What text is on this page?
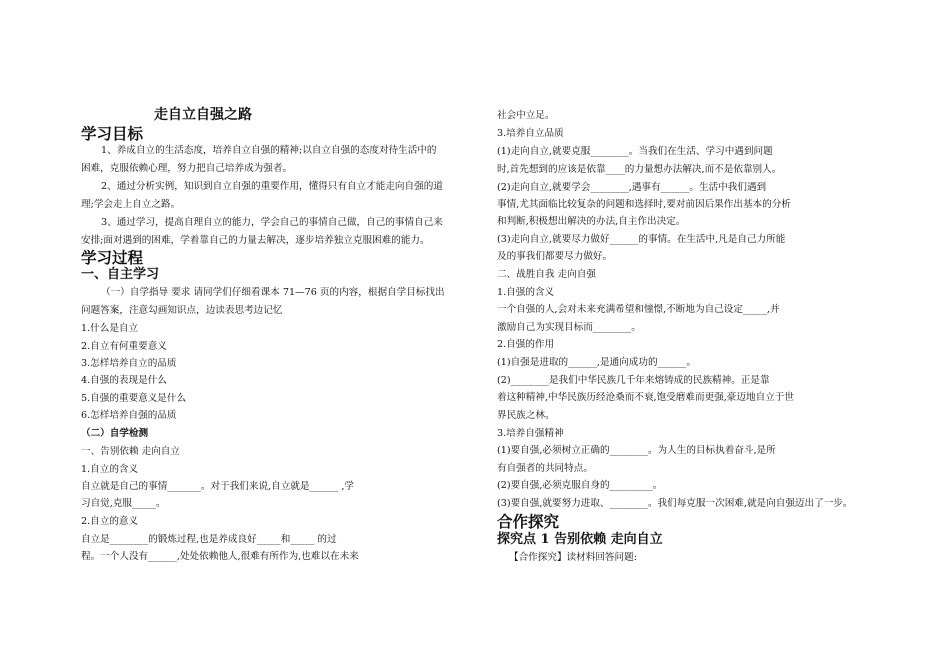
走自立自强之路
学习目标
1、养成自立的生活态度，培养自立自强的精神;以自立自强的态度对待生活中的
困难，克服依赖心理，努力把自己培养成为强者。
2、通过分析实例，知识到自立自强的重要作用，懂得只有自立才能走向自强的道
理;学会走上自立之路。
3、通过学习，提高自理自立的能力，学会自己的事情自己做，自己的事情自己来
安排;面对遇到的困难，学着靠自己的力量去解决，逐步培养独立克服困难的能力。
学习过程
一、自主学习
（一）自学指导 要求 请同学们仔细看课本 71—76 页的内容，根据自学目标找出
问题答案，注意勾画知识点，边读表思考边记忆
1.什么是自立
2.自立有何重要意义
3.怎样培养自立的品质
4.自强的表现是什么
5.自强的重要意义是什么
6.怎样培养自强的品质
（二）自学检测
一、告别依赖 走向自立
1.自立的含义
自立就是自己的事情_______。对于我们来说,自立就是______ ,学
习自觉,克服_____。
2.自立的意义
自立是________的锻炼过程,也是养成良好_____和_____ 的过
程。一个人没有______,处处依赖他人,很难有所作为,也难以在未来
社会中立足。
3.培养自立品质
(1)走向自立,就要克服________。当我们在生活、学习中遇到问题
时,首先想到的应该是依靠____的力量想办法解决,而不是依靠别人。
(2)走向自立,就要学会________,遇事有______。生活中我们遇到
事情,尤其面临比较复杂的问题和选择时,要对前因后果作出基本的分析
和判断,积极想出解决的办法,自主作出决定。
(3)走向自立,就要尽力做好______的事情。在生活中,凡是自己力所能
及的事我们都要尽力做好。
二、战胜自我 走向自强
1.自强的含义
一个自强的人,会对未来充满希望和憧憬,不断地为自己设定_____,并
激励自己为实现目标而________。
2.自强的作用
(1)自强是进取的______,是通向成功的______。
(2)________是我们中华民族几千年来熔铸成的民族精神。正是靠
着这种精神,中华民族历经沧桑而不衰,饱受磨难而更强,豪迈地自立于世
界民族之林。
3.培养自强精神
(1)要自强,必须树立正确的________。为人生的目标执着奋斗,是所
有自强者的共同特点。
(2)要自强,必须克服自身的_________。
(3)要自强,就要努力进取、________。我们每克服一次困难,就是向自强迈出了一步。
合作探究
探究点 1 告别依赖 走向自立
【合作探究】读材料回答问题:
